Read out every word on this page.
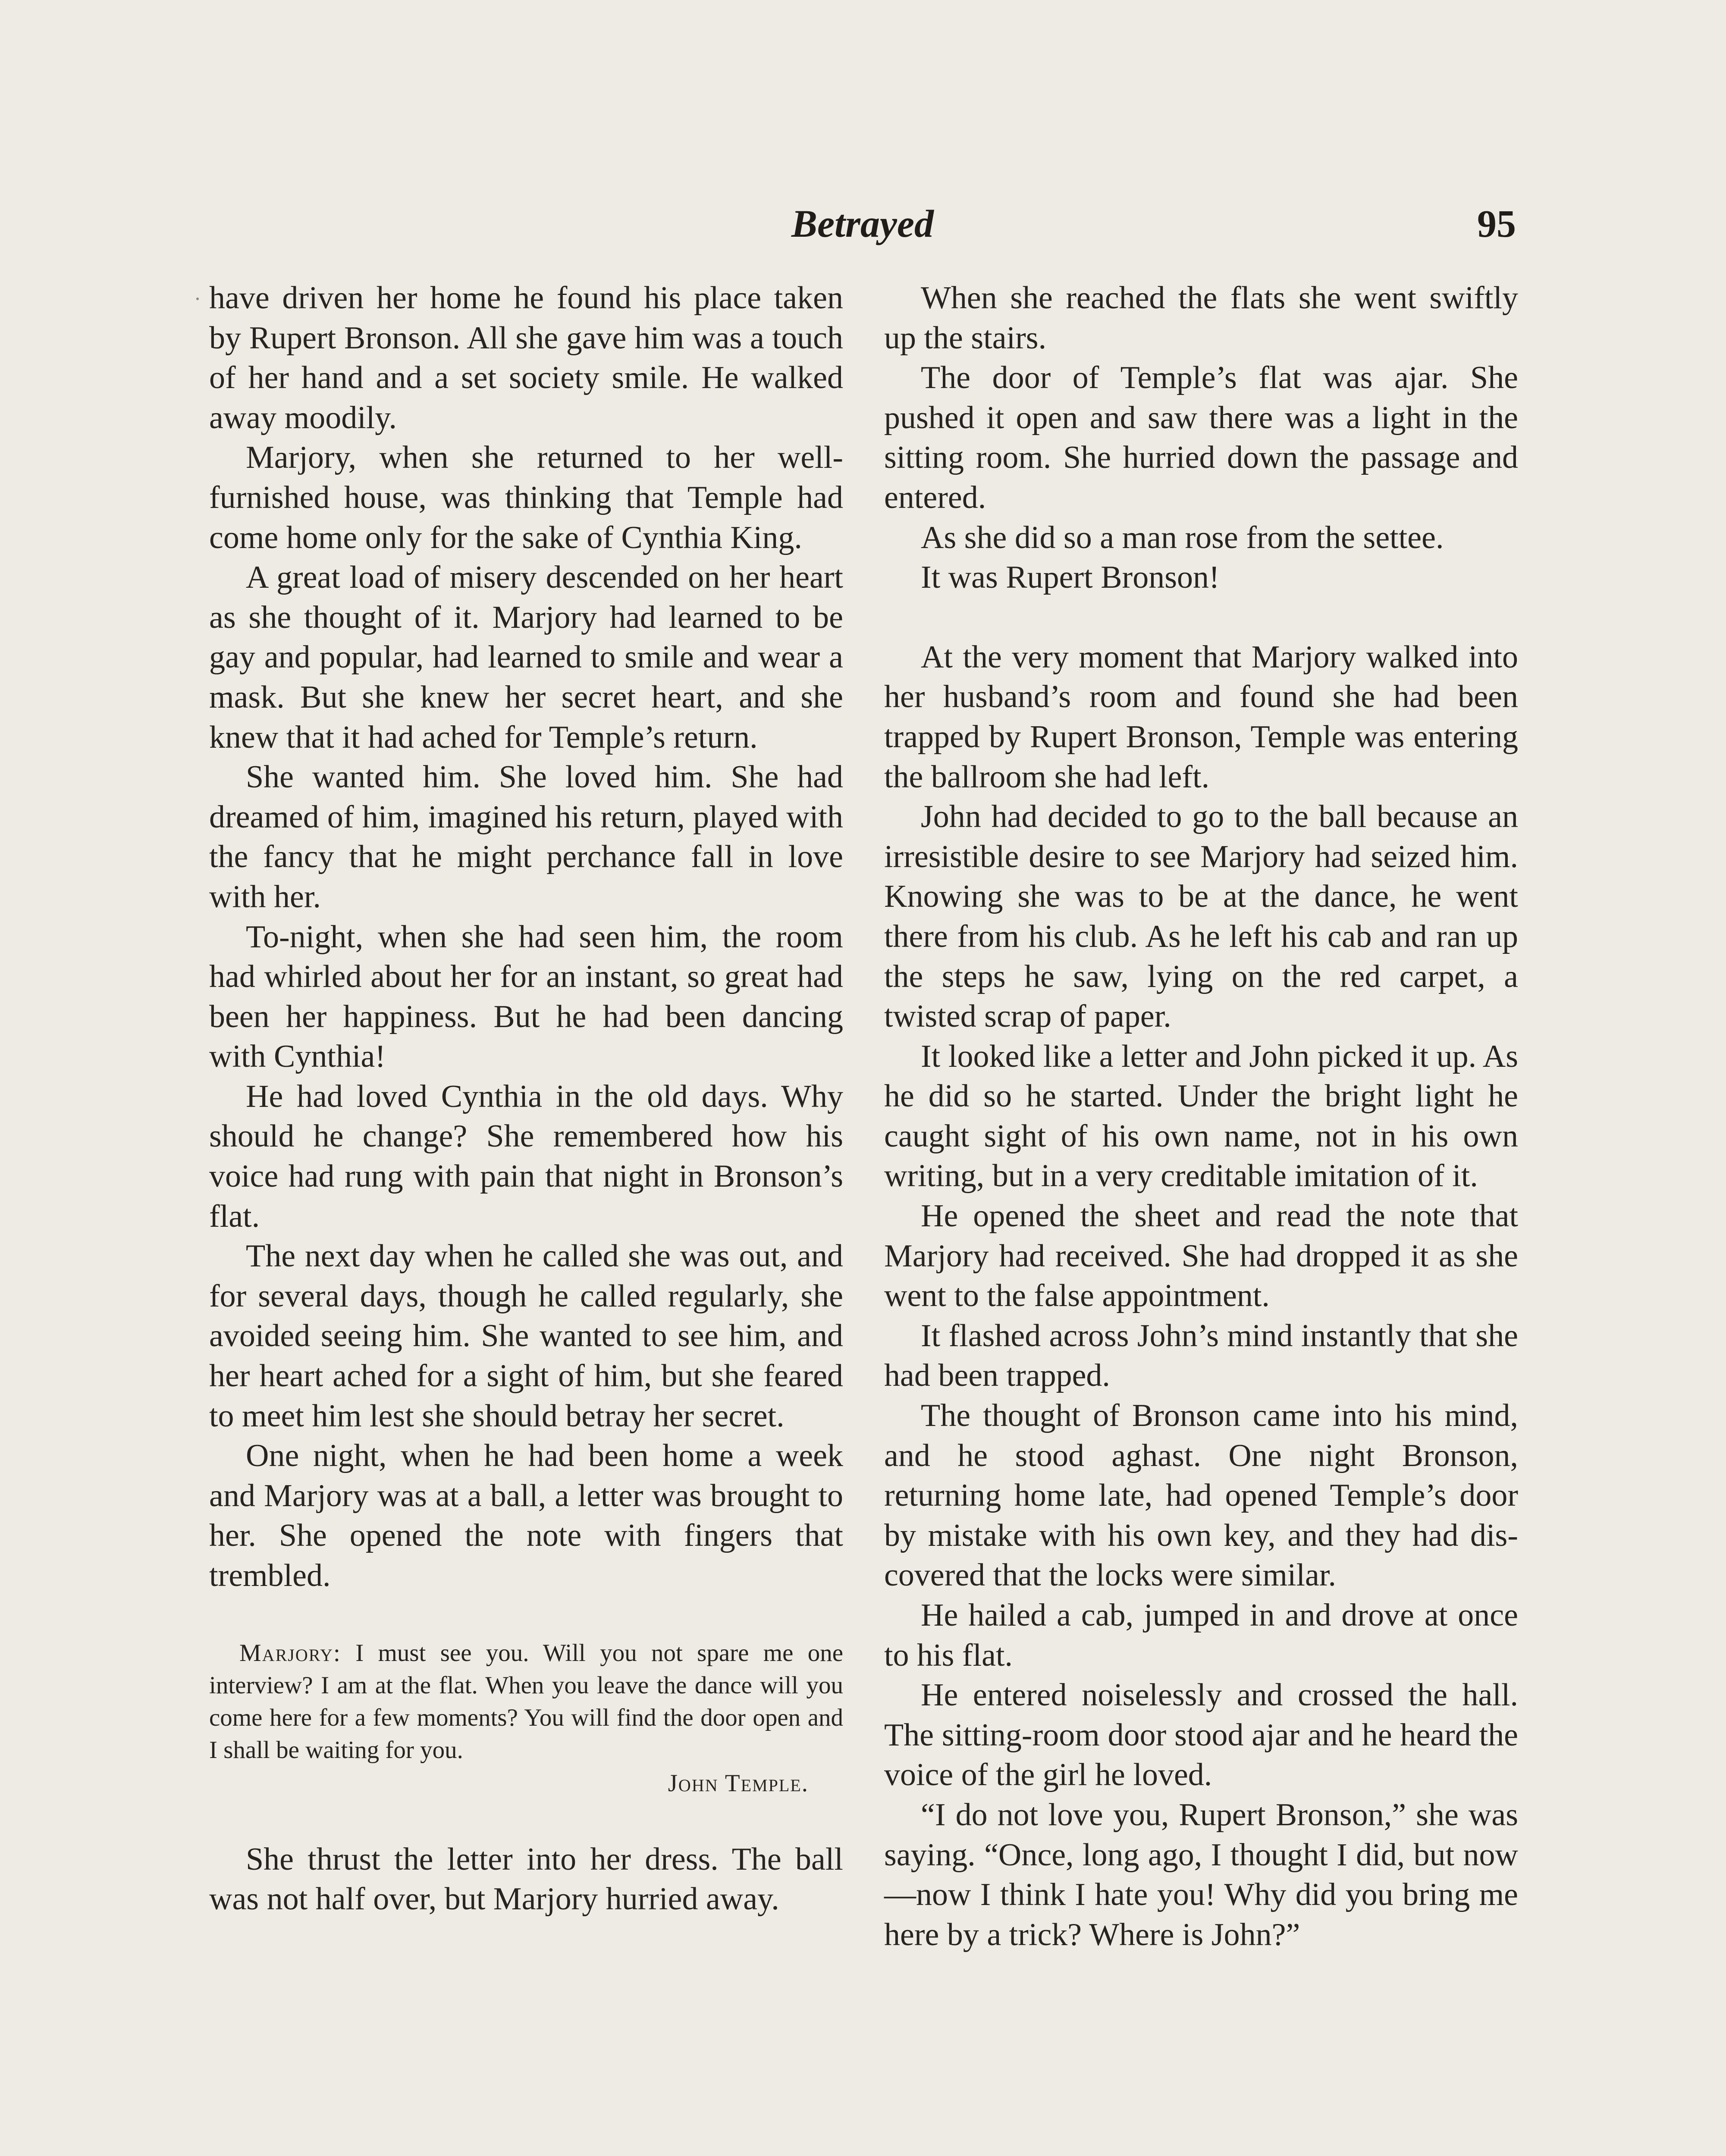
Betrayed	95

have driven her home he found his place taken by Rupert Bronson. All she gave him was a touch of her hand and a set society smile. He walked away moodily.

Marjory, when she returned to her well-furnished house, was thinking that Temple had come home only for the sake of Cynthia King.

A great load of misery descended on her heart as she thought of it. Marjory had learned to be gay and popular, had learned to smile and wear a mask. But she knew her secret heart, and she knew that it had ached for Temple’s return.

She wanted him. She loved him. She had dreamed of him, imagined his return, played with the fancy that he might perchance fall in love with her.

To-night, when she had seen him, the room had whirled about her for an instant, so great had been her happiness. But he had been dancing with Cynthia!

He had loved Cynthia in the old days. Why should he change? She remembered how his voice had rung with pain that night in Bronson’s flat.

The next day when he called she was out, and for several days, though he called regularly, she avoided seeing him. She wanted to see him, and her heart ached for a sight of him, but she feared to meet him lest she should betray her secret.

One night, when he had been home a week and Marjory was at a ball, a letter was brought to her. She opened the note with fingers that trembled.

Marjory: I must see you. Will you not spare me one interview? I am at the flat. When you leave the dance will you come here for a few moments? You will find the door open and I shall be waiting for you.

John Temple.

She thrust the letter into her dress. The ball was not half over, but Marjory hurried away.

When she reached the flats she went swiftly up the stairs.

The door of Temple’s flat was ajar. She pushed it open and saw there was a light in the sitting room. She hurried down the passage and entered.

As she did so a man rose from the settee.

It was Rupert Bronson!

At the very moment that Marjory walked into her husband’s room and found she had been trapped by Rupert Bronson, Temple was entering the ballroom she had left.

John had decided to go to the ball because an irresistible desire to see Marjory had seized him. Knowing she was to be at the dance, he went there from his club. As he left his cab and ran up the steps he saw, lying on the red carpet, a twisted scrap of paper.

It looked like a letter and John picked it up. As he did so he started. Under the bright light he caught sight of his own name, not in his own writing, but in a very creditable imitation of it.

He opened the sheet and read the note that Marjory had received. She had dropped it as she went to the false appointment.

It flashed across John’s mind instantly that she had been trapped.

The thought of Bronson came into his mind, and he stood aghast. One night Bronson, returning home late, had opened Temple’s door by mistake with his own key, and they had discovered that the locks were similar.

He hailed a cab, jumped in and drove at once to his flat.

He entered noiselessly and crossed the hall. The sitting-room door stood ajar and he heard the voice of the girl he loved.

“I do not love you, Rupert Bronson,” she was saying. “Once, long ago, I thought I did, but now—now I think I hate you! Why did you bring me here by a trick? Where is John?”
